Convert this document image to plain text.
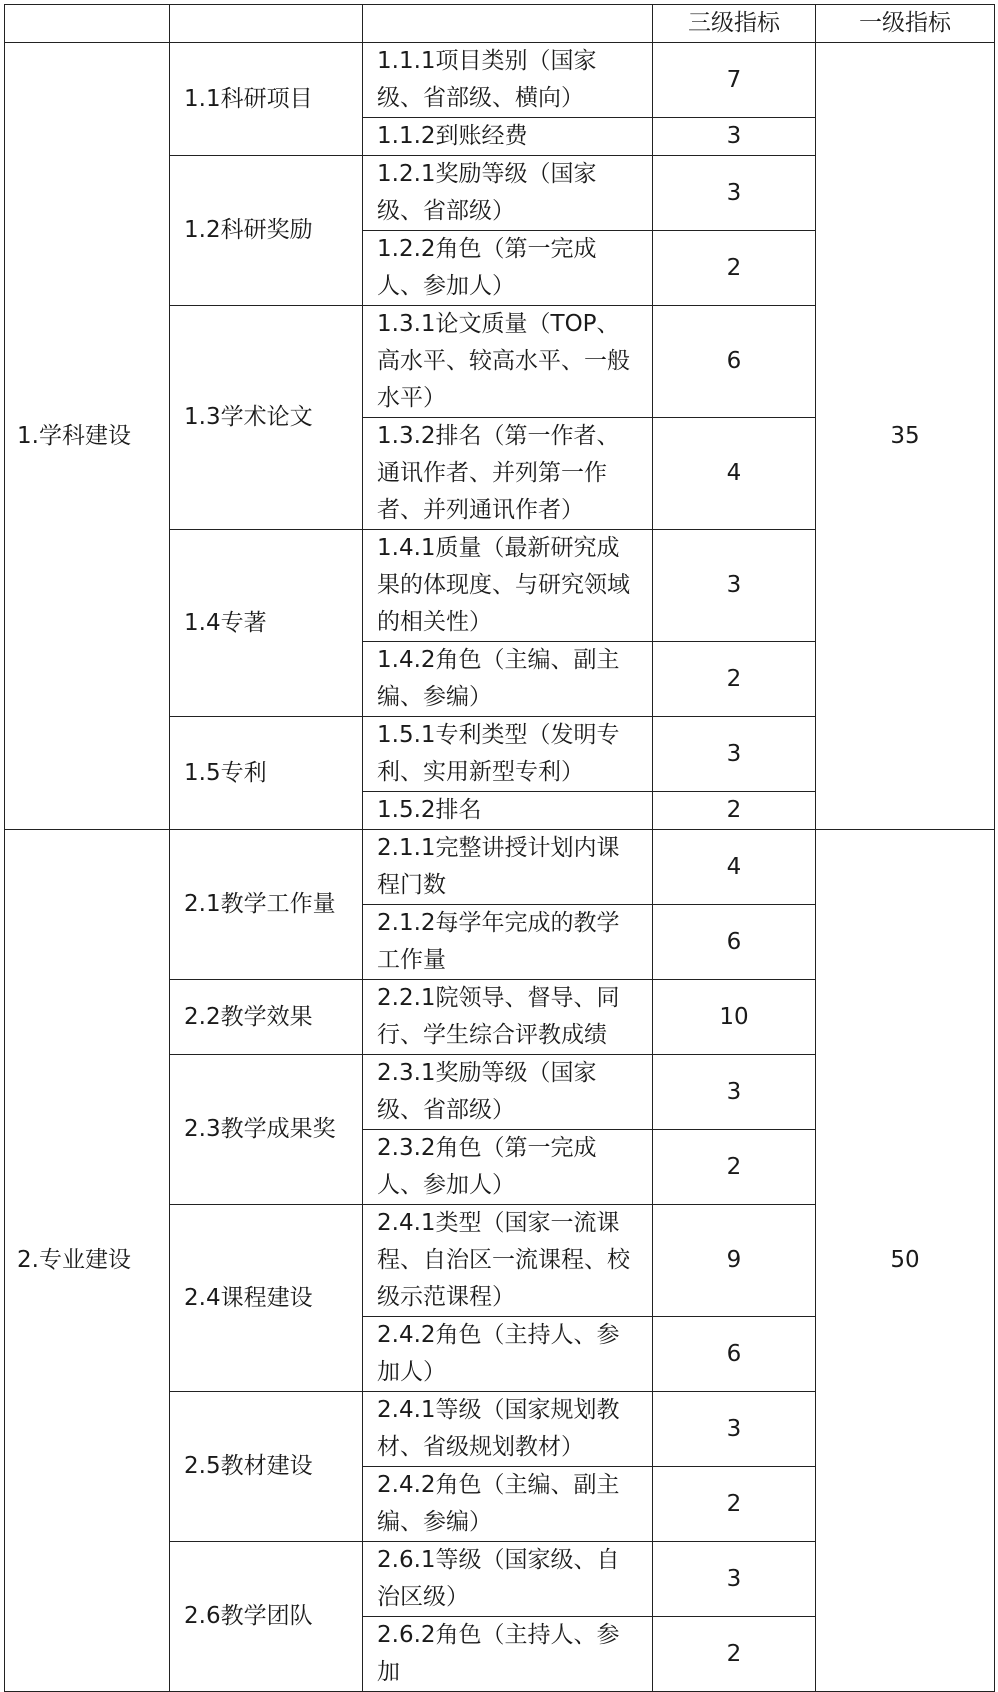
			三级指标	一级指标
1.学科建设	1.1科研项目	1.1.1项目类别（国家级、省部级、横向）	7	35
		1.1.2到账经费	3	
	1.2科研奖励	1.2.1奖励等级（国家级、省部级）	3	
		1.2.2角色（第一完成人、参加人）	2	
	1.3学术论文	1.3.1论文质量（TOP、高水平、较高水平、一般水平）	6	
		1.3.2排名（第一作者、通讯作者、并列第一作者、并列通讯作者）	4	
	1.4专著	1.4.1质量（最新研究成果的体现度、与研究领域的相关性）	3	
		1.4.2角色（主编、副主编、参编）	2	
	1.5专利	1.5.1专利类型（发明专利、实用新型专利）	3	
		1.5.2排名	2	
2.专业建设	2.1教学工作量	2.1.1完整讲授计划内课程门数	4	50
		2.1.2每学年完成的教学工作量	6	
	2.2教学效果	2.2.1院领导、督导、同行、学生综合评教成绩	10	
	2.3教学成果奖	2.3.1奖励等级（国家级、省部级）	3	
		2.3.2角色（第一完成人、参加人）	2	
	2.4课程建设	2.4.1类型（国家一流课程、自治区一流课程、校级示范课程）	9	
		2.4.2角色（主持人、参加人）	6	
	2.5教材建设	2.4.1等级（国家规划教材、省级规划教材）	3	
		2.4.2角色（主编、副主编、参编）	2	
	2.6教学团队	2.6.1等级（国家级、自治区级）	3	
		2.6.2角色（主持人、参加	2	
